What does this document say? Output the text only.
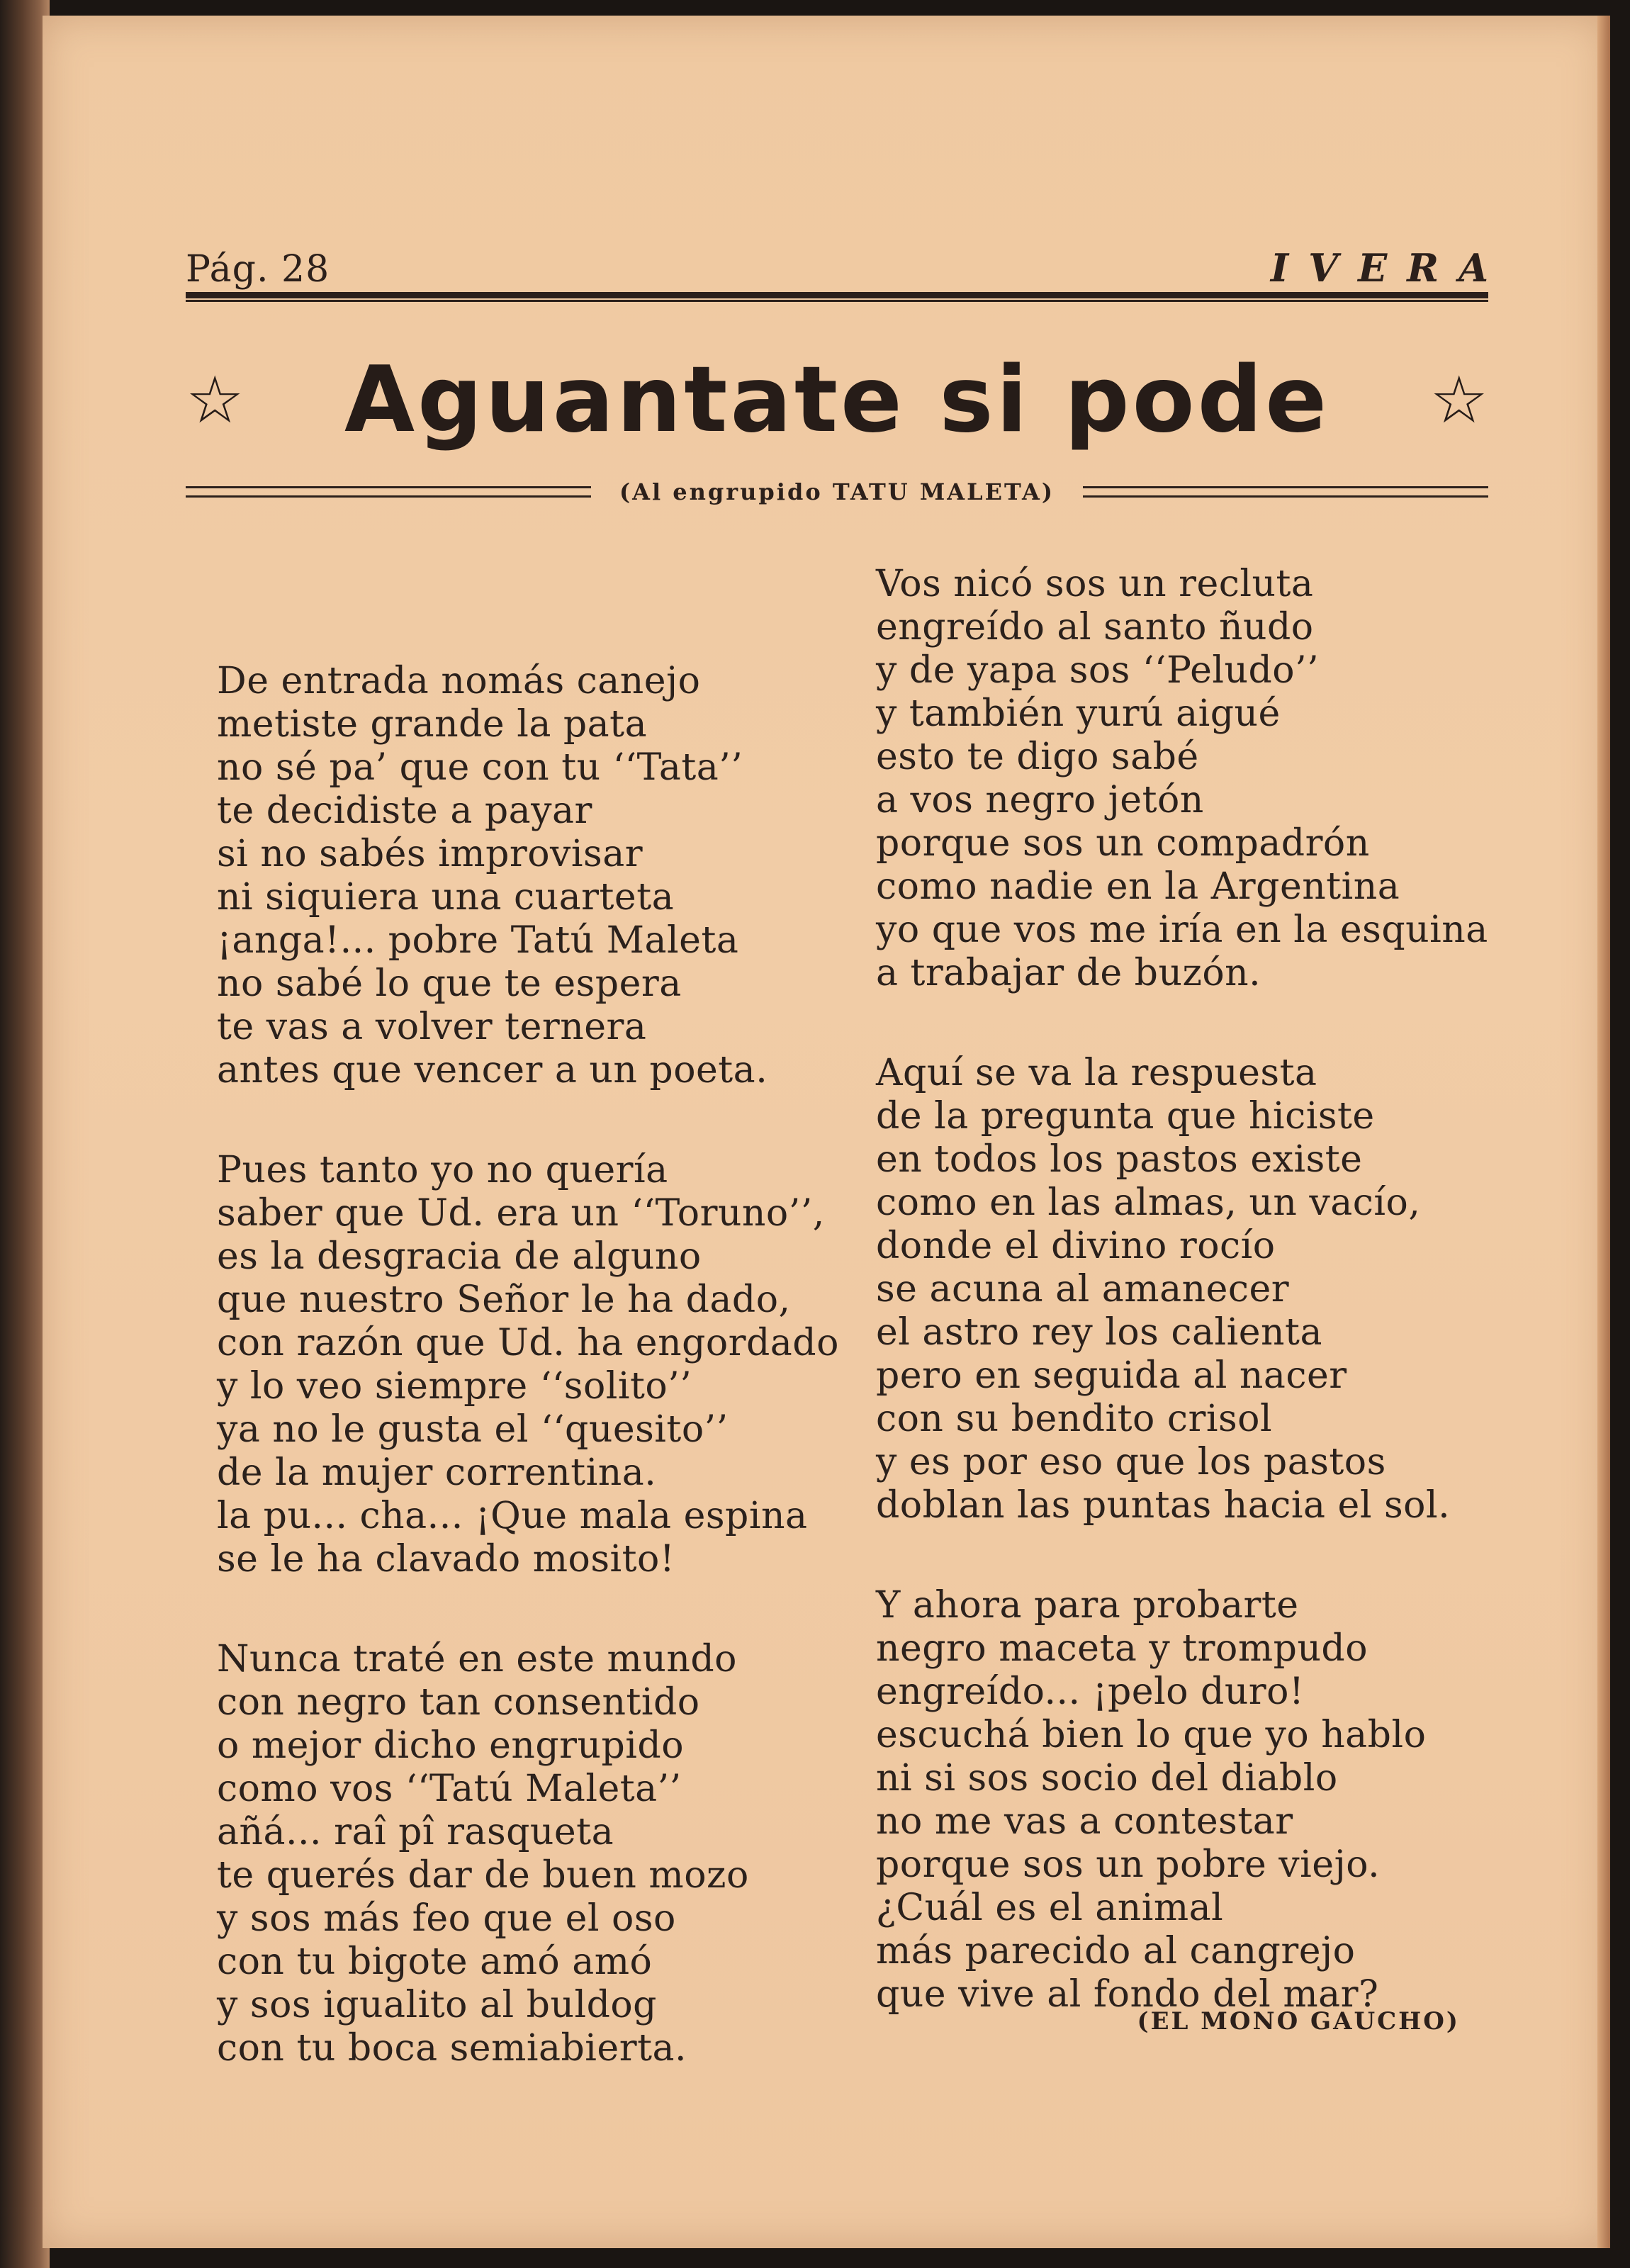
Pág. 28	IVERA
☆ Aguantate si pode ☆
(Al engrupido TATU MALETA)
De entrada nomás canejo
metiste grande la pata
no sé pa’ que con tu ‘‘Tata’’
te decidiste a payar
si no sabés improvisar
ni siquiera una cuarteta
¡anga!... pobre Tatú Maleta
no sabé lo que te espera
te vas a volver ternera
antes que vencer a un poeta.
Pues tanto yo no quería
saber que Ud. era un ‘‘Toruno’’,
es la desgracia de alguno
que nuestro Señor le ha dado,
con razón que Ud. ha engordado
y lo veo siempre ‘‘solito’’
ya no le gusta el ‘‘quesito’’
de la mujer correntina.
la pu... cha... ¡Que mala espina
se le ha clavado mosito!
Nunca traté en este mundo
con negro tan consentido
o mejor dicho engrupido
como vos ‘‘Tatú Maleta’’
añá... raî pî rasqueta
te querés dar de buen mozo
y sos más feo que el oso
con tu bigote amó amó
y sos igualito al buldog
con tu boca semiabierta.
Vos nicó sos un recluta
engreído al santo ñudo
y de yapa sos ‘‘Peludo’’
y también yurú aigué
esto te digo sabé
a vos negro jetón
porque sos un compadrón
como nadie en la Argentina
yo que vos me iría en la esquina
a trabajar de buzón.
Aquí se va la respuesta
de la pregunta que hiciste
en todos los pastos existe
como en las almas, un vacío,
donde el divino rocío
se acuna al amanecer
el astro rey los calienta
pero en seguida al nacer
con su bendito crisol
y es por eso que los pastos
doblan las puntas hacia el sol.
Y ahora para probarte
negro maceta y trompudo
engreído... ¡pelo duro!
escuchá bien lo que yo hablo
ni si sos socio del diablo
no me vas a contestar
porque sos un pobre viejo.
¿Cuál es el animal
más parecido al cangrejo
que vive al fondo del mar?
(EL MONO GAUCHO)
